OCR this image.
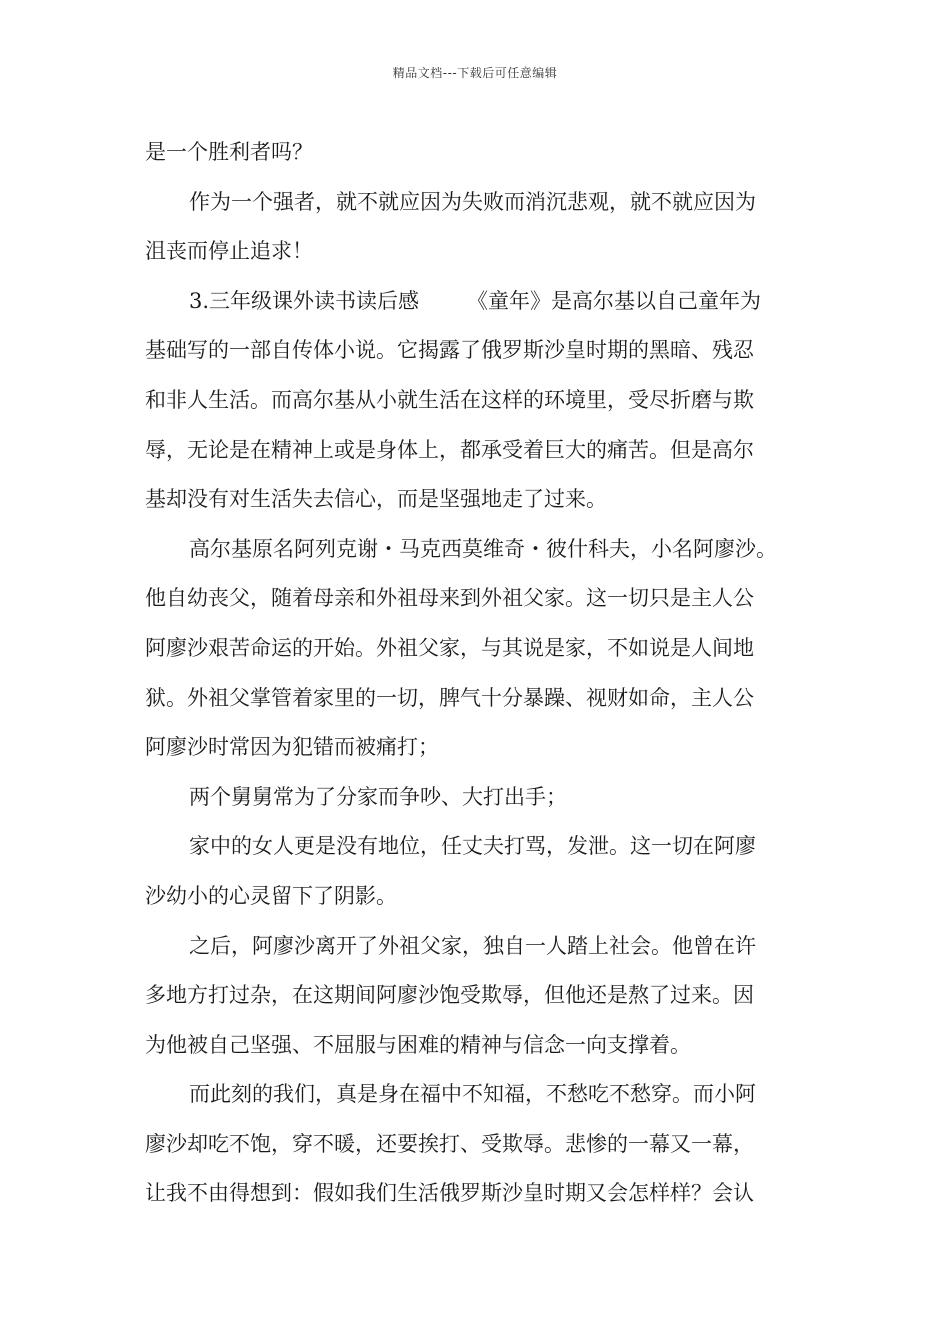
精品文档---下载后可任意编辑
是一个胜利者吗？
作为一个强者，就不就应因为失败而消沉悲观，就不就应因为
沮丧而停止追求！
3.三年级课外读书读后感 《童年》是高尔基以自己童年为
基础写的一部自传体小说。它揭露了俄罗斯沙皇时期的黑暗、残忍
和非人生活。而高尔基从小就生活在这样的环境里，受尽折磨与欺
辱，无论是在精神上或是身体上，都承受着巨大的痛苦。但是高尔
基却没有对生活失去信心，而是坚强地走了过来。
高尔基原名阿列克谢・马克西莫维奇・彼什科夫，小名阿廖沙。
他自幼丧父，随着母亲和外祖母来到外祖父家。这一切只是主人公
阿廖沙艰苦命运的开始。外祖父家，与其说是家，不如说是人间地
狱。外祖父掌管着家里的一切，脾气十分暴躁、视财如命，主人公
阿廖沙时常因为犯错而被痛打；
两个舅舅常为了分家而争吵、大打出手；
家中的女人更是没有地位，任丈夫打骂，发泄。这一切在阿廖
沙幼小的心灵留下了阴影。
之后，阿廖沙离开了外祖父家，独自一人踏上社会。他曾在许
多地方打过杂，在这期间阿廖沙饱受欺辱，但他还是熬了过来。因
为他被自己坚强、不屈服与困难的精神与信念一向支撑着。
而此刻的我们，真是身在福中不知福，不愁吃不愁穿。而小阿
廖沙却吃不饱，穿不暖，还要挨打、受欺辱。悲惨的一幕又一幕，
让我不由得想到：假如我们生活俄罗斯沙皇时期又会怎样样？会认
